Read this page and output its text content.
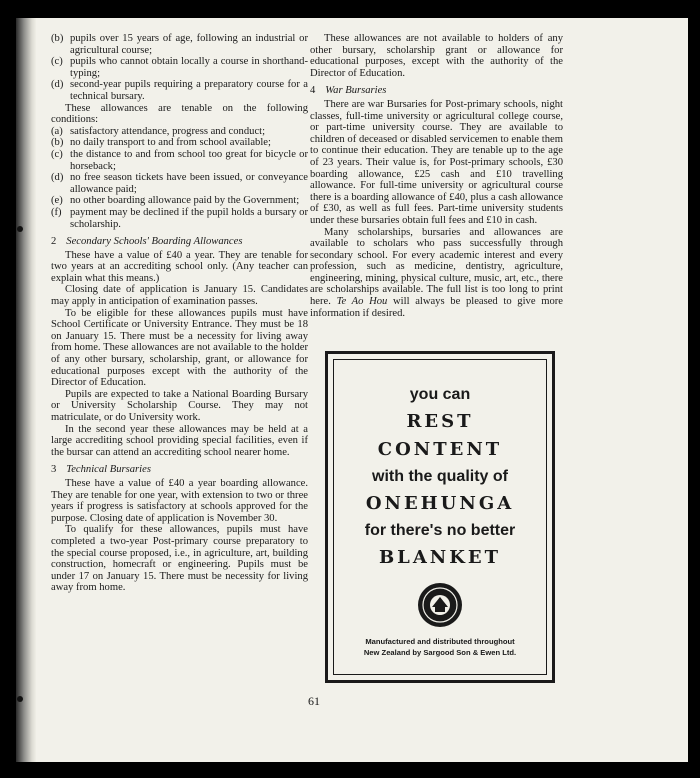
(b) pupils over 15 years of age, following an industrial or agricultural course;
(c) pupils who cannot obtain locally a course in shorthand-typing;
(d) second-year pupils requiring a preparatory course for a technical bursary.

These allowances are tenable on the following conditions:

(a) satisfactory attendance, progress and conduct;
(b) no daily transport to and from school available;
(c) the distance to and from school too great for bicycle or horseback;
(d) no free season tickets have been issued, or conveyance allowance paid;
(e) no other boarding allowance paid by the Government;
(f) payment may be declined if the pupil holds a bursary or scholarship.
2 Secondary Schools' Boarding Allowances

These have a value of £40 a year. They are tenable for two years at an accrediting school only. (Any teacher can explain what this means.)

Closing date of application is January 15. Candidates may apply in anticipation of examination passes.

To be eligible for these allowances pupils must have School Certificate or University Entrance. They must be 18 on January 15. There must be a necessity for living away from home. These allowances are not available to the holder of any other bursary, scholarship, grant, or allowance for educational purposes except with the authority of the Director of Education.

Pupils are expected to take a National Boarding Bursary or University Scholarship Course. They may not matriculate, or do University work.

In the second year these allowances may be held at a large accrediting school providing special facilities, even if the bursar can attend an accrediting school nearer home.

3 Technical Bursaries

These have a value of £40 a year boarding allowance. They are tenable for one year, with extension to two or three years if progress is satisfactory at schools approved for the purpose. Closing date of application is November 30.

To qualify for these allowances, pupils must have completed a two-year Post-primary course preparatory to the special course proposed, i.e., in agriculture, art, building construction, homecraft or engineering. Pupils must be under 17 on January 15. There must be necessity for living away from home.

These allowances are not available to holders of any other bursary, scholarship grant or allowance for educational purposes, except with the authority of the Director of Education.

4 War Bursaries

There are war Bursaries for Post-primary schools, night classes, full-time university or agricultural college course, or part-time university course. They are available to children of deceased or disabled servicemen to enable them to continue their education. They are tenable up to the age of 23 years. Their value is, for Post-primary schools, £30 boarding allowance, £25 cash and £10 travelling allowance. For full-time university or agricultural course there is a boarding allowance of £40, plus a cash allowance of £30, as well as full fees. Part-time university students under these bursaries obtain full fees and £10 in cash.

Many scholarships, bursaries and allowances are available to scholars who pass successfully through secondary school. For every academic interest and every profession, such as medicine, dentistry, agriculture, engineering, mining, physical culture, music, art, etc., there are scholarships available. The full list is too long to print here. Te Ao Hou will always be pleased to give more information if desired.

you can
REST
CONTENT
with the quality of
ONEHUNGA
for there's no better
BLANKET
Manufactured and distributed throughout
New Zealand by Sargood Son & Ewen Ltd.
61
